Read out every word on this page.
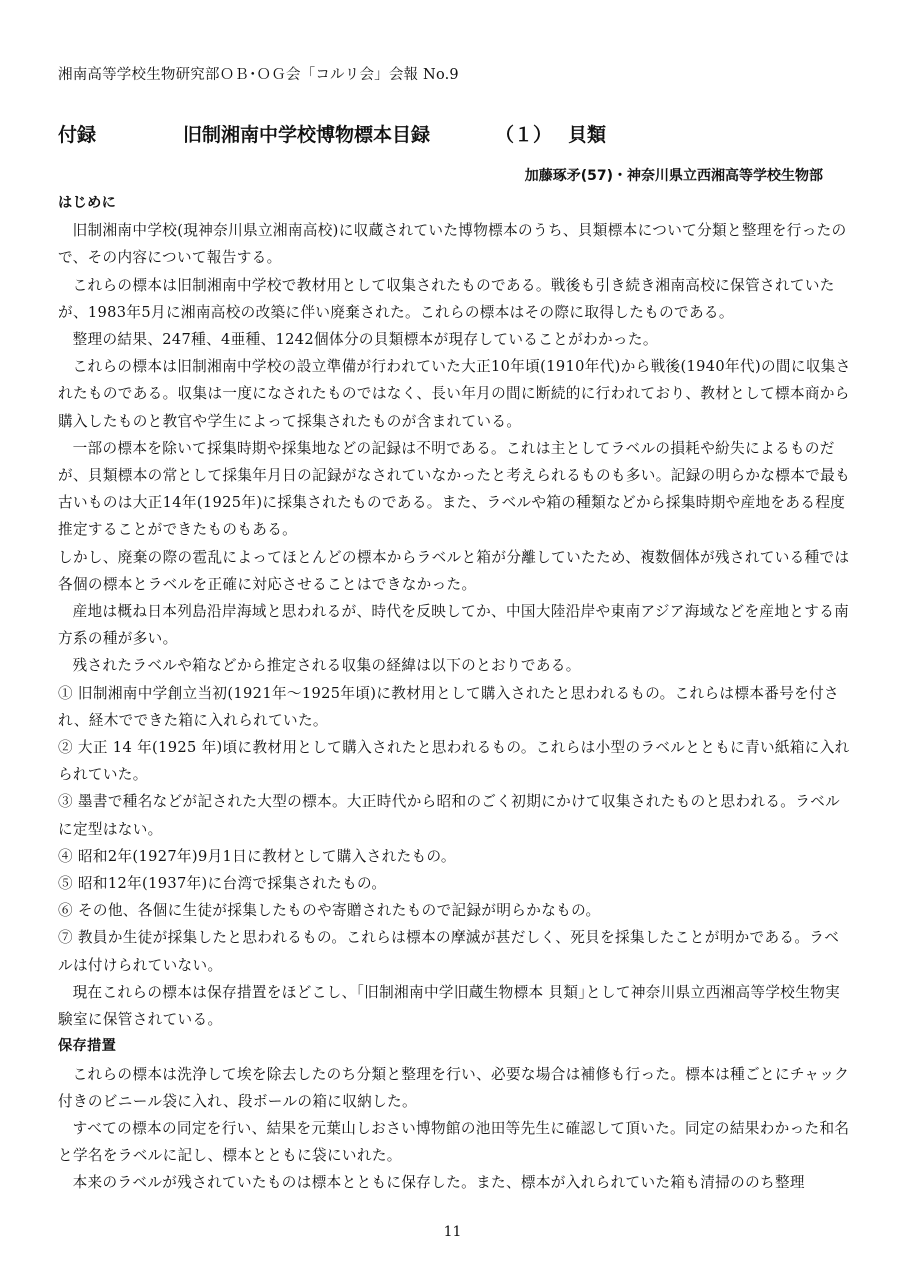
湘南高等学校生物研究部ＯＢ･ＯＧ会「コルリ会」会報 No.9
付録	旧制湘南中学校博物標本目録	（１） 貝類
加藤琢矛(57)・神奈川県立西湘高等学校生物部
はじめに

旧制湘南中学校(現神奈川県立湘南高校)に収蔵されていた博物標本のうち、貝類標本について分類と整理を行ったので、その内容について報告する。

これらの標本は旧制湘南中学校で教材用として収集されたものである。戦後も引き続き湘南高校に保管されていたが、1983年5月に湘南高校の改築に伴い廃棄された。これらの標本はその際に取得したものである。

整理の結果、247種、4亜種、1242個体分の貝類標本が現存していることがわかった。

これらの標本は旧制湘南中学校の設立準備が行われていた大正10年頃(1910年代)から戦後(1940年代)の間に収集されたものである。収集は一度になされたものではなく、長い年月の間に断続的に行われており、教材として標本商から購入したものと教官や学生によって採集されたものが含まれている。

一部の標本を除いて採集時期や採集地などの記録は不明である。これは主としてラベルの損耗や紛失によるものだが、貝類標本の常として採集年月日の記録がなされていなかったと考えられるものも多い。記録の明らかな標本で最も古いものは大正14年(1925年)に採集されたものである。また、ラベルや箱の種類などから採集時期や産地をある程度推定することができたものもある。

しかし、廃棄の際の雹乱によってほとんどの標本からラベルと箱が分離していたため、複数個体が残されている種では各個の標本とラベルを正確に対応させることはできなかった。

産地は概ね日本列島沿岸海域と思われるが、時代を反映してか、中国大陸沿岸や東南アジア海域などを産地とする南方系の種が多い。

残されたラベルや箱などから推定される収集の経緯は以下のとおりである。

① 旧制湘南中学創立当初(1921年～1925年頃)に教材用として購入されたと思われるもの。これらは標本番号を付され、経木でできた箱に入れられていた。

② 大正 14 年(1925 年)頃に教材用として購入されたと思われるもの。これらは小型のラベルとともに青い紙箱に入れられていた。

③ 墨書で種名などが記された大型の標本。大正時代から昭和のごく初期にかけて収集されたものと思われる。ラベルに定型はない。

④ 昭和2年(1927年)9月1日に教材として購入されたもの。

⑤ 昭和12年(1937年)に台湾で採集されたもの。

⑥ その他、各個に生徒が採集したものや寄贈されたもので記録が明らかなもの。

⑦ 教員か生徒が採集したと思われるもの。これらは標本の摩滅が甚だしく、死貝を採集したことが明かである。ラベルは付けられていない。

現在これらの標本は保存措置をほどこし、｢旧制湘南中学旧蔵生物標本 貝類｣として神奈川県立西湘高等学校生物実験室に保管されている。

保存措置

これらの標本は洗浄して埃を除去したのち分類と整理を行い、必要な場合は補修も行った。標本は種ごとにチャック付きのビニール袋に入れ、段ボールの箱に収納した。

すべての標本の同定を行い、結果を元葉山しおさい博物館の池田等先生に確認して頂いた。同定の結果わかった和名と学名をラベルに記し、標本とともに袋にいれた。

本来のラベルが残されていたものは標本とともに保存した。また、標本が入れられていた箱も清掃ののち整理

11
